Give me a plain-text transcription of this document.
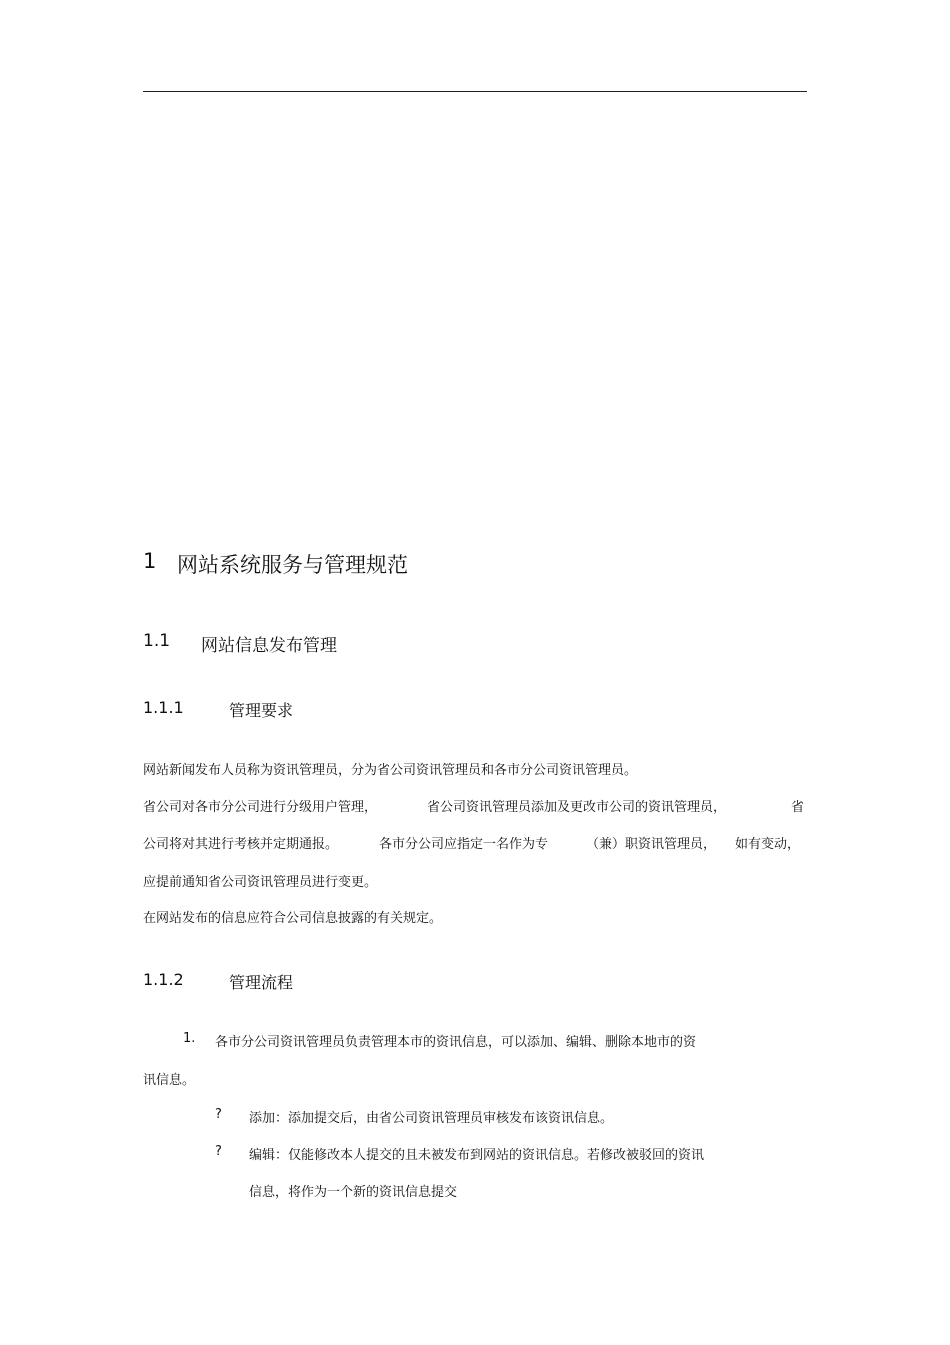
1 网站系统服务与管理规范
1.1 网站信息发布管理
1.1.1	管理要求
网站新闻发布人员称为资讯管理员，分为省公司资讯管理员和各市分公司资讯管理员。
省公司对各市分公司进行分级用户管理，	省公司资讯管理员添加及更改市公司的资讯管理员，	省
公司将对其进行考核并定期通报。	各市分公司应指定一名作为专	（兼）职资讯管理员， 如有变动，
应提前通知省公司资讯管理员进行变更。
在网站发布的信息应符合公司信息披露的有关规定。
1.1.2	管理流程
1. 各市分公司资讯管理员负责管理本市的资讯信息，可以添加、编辑、删除本地市的资
讯信息。
? 添加：添加提交后，由省公司资讯管理员审核发布该资讯信息。
? 编辑：仅能修改本人提交的且未被发布到网站的资讯信息。若修改被驳回的资讯
信息，将作为一个新的资讯信息提交
